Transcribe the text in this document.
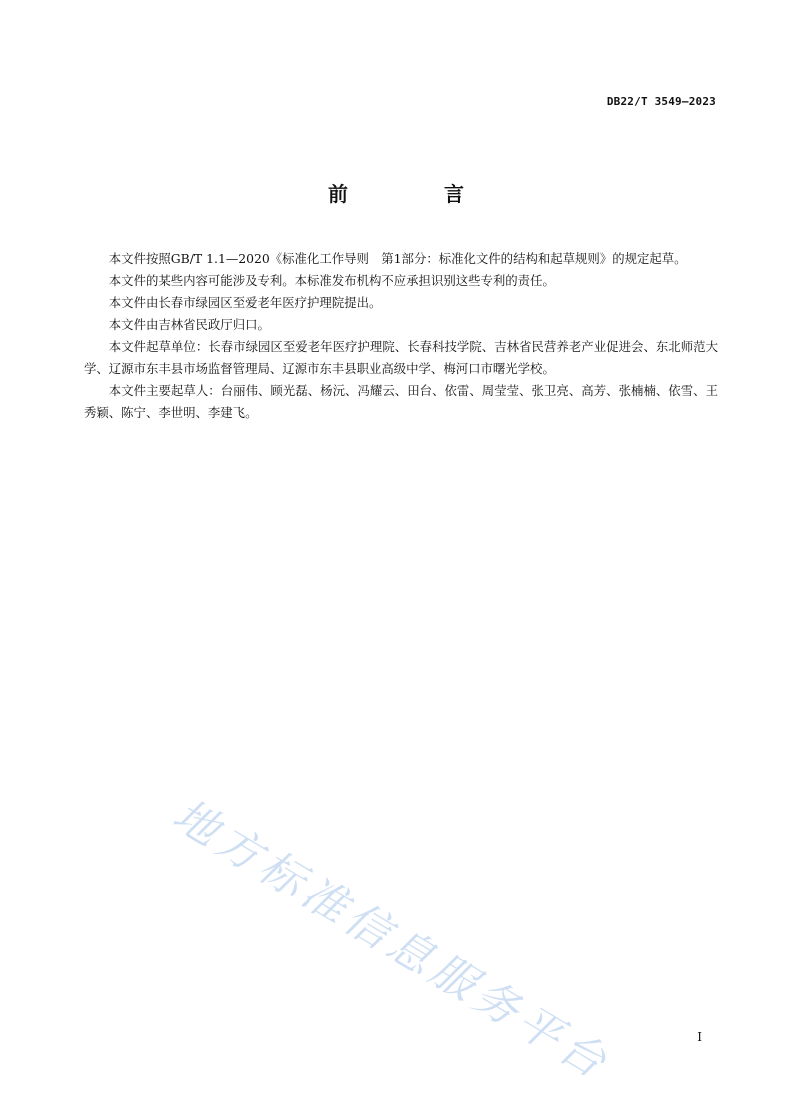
DB22/T 3549—2023
前　言

本文件按照GB/T 1.1—2020《标准化工作导则　第1部分：标准化文件的结构和起草规则》的规定起草。

本文件的某些内容可能涉及专利。本标准发布机构不应承担识别这些专利的责任。

本文件由长春市绿园区至爱老年医疗护理院提出。

本文件由吉林省民政厅归口。

本文件起草单位：长春市绿园区至爱老年医疗护理院、长春科技学院、吉林省民营养老产业促进会、东北师范大学、辽源市东丰县市场监督管理局、辽源市东丰县职业高级中学、梅河口市曙光学校。

本文件主要起草人：台丽伟、顾光磊、杨沅、冯耀云、田台、依雷、周莹莹、张卫亮、高芳、张楠楠、依雪、王秀颖、陈宁、李世明、李建飞。

地方标准信息服务平台	I
